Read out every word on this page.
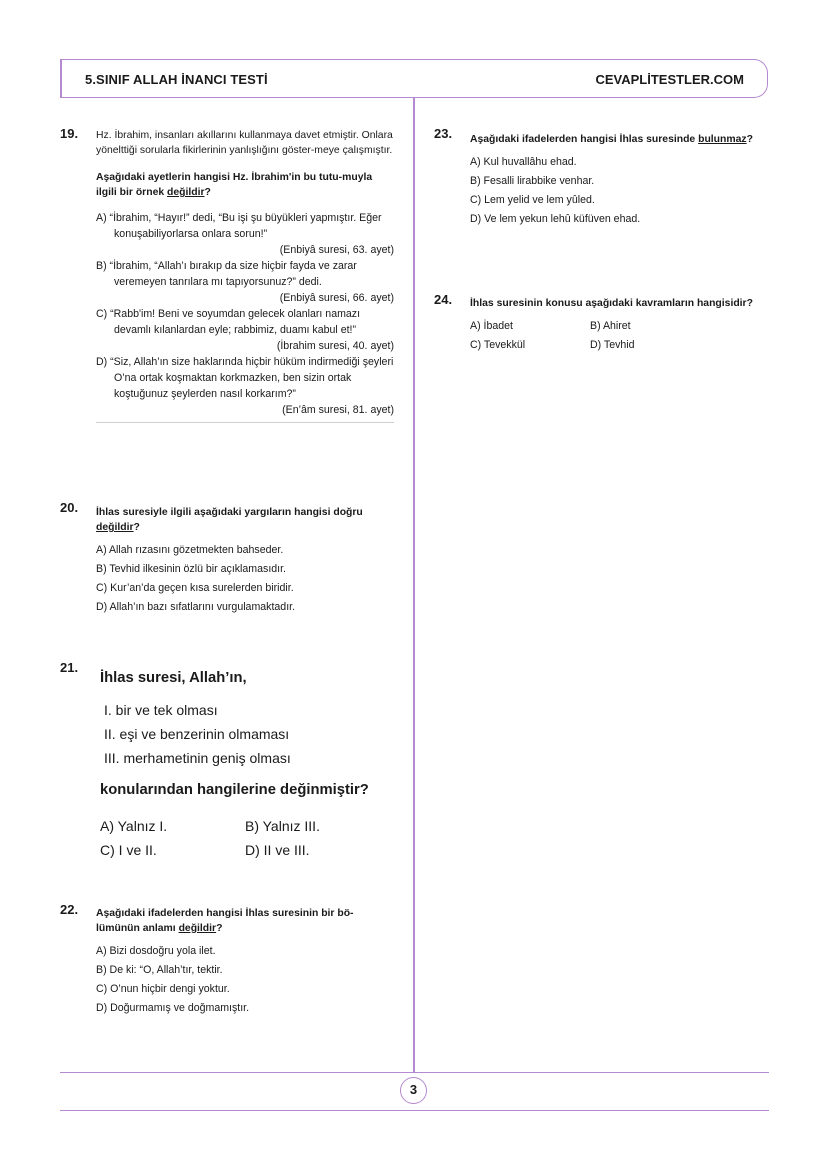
5.SINIF ALLAH İNANCI TESTİ	CEVAPLİTESTLER.COM
3
19. Hz. İbrahim, insanları akıllarını kullanmaya davet etmiştir. Onlara yönelttiği sorularla fikirlerinin yanlışlığını göster-meye çalışmıştır.
Aşağıdaki ayetlerin hangisi Hz. İbrahim'in bu tutu-muyla ilgili bir örnek değildir?
A) “İbrahim, “Hayır!” dedi, “Bu işi şu büyükleri yapmıştır. Eğer konuşabiliyorlarsa onlara sorun!”
(Enbiyâ suresi, 63. ayet)
B) “İbrahim, “Allah’ı bırakıp da size hiçbir fayda ve zarar veremeyen tanrılara mı tapıyorsunuz?” dedi.
(Enbiyâ suresi, 66. ayet)
C) “Rabb'im! Beni ve soyumdan gelecek olanları namazı devamlı kılanlardan eyle; rabbimiz, duamı kabul et!”
(İbrahim suresi, 40. ayet)
D) “Siz, Allah’ın size haklarında hiçbir hüküm indirmediği şeyleri O’na ortak koşmaktan korkmazken, ben sizin ortak koştuğunuz şeylerden nasıl korkarım?”
(En’âm suresi, 81. ayet)
20. İhlas suresiyle ilgili aşağıdaki yargıların hangisi doğru değildir?
A) Allah rızasını gözetmekten bahseder.
B) Tevhid ilkesinin özlü bir açıklamasıdır.
C) Kur’an’da geçen kısa surelerden biridir.
D) Allah’ın bazı sıfatlarını vurgulamaktadır.
21.
İhlas suresi, Allah’ın,
I. bir ve tek olması
II. eşi ve benzerinin olmaması
III. merhametinin geniş olması
konularından hangilerine değinmiştir?
A) Yalnız I.	B) Yalnız III.
C) I ve II.	D) II ve III.
22. Aşağıdaki ifadelerden hangisi İhlas suresinin bir bö-lümünün anlamı değildir?
A) Bizi dosdoğru yola ilet.
B) De ki: “O, Allah’tır, tektir.
C) O’nun hiçbir dengi yoktur.
D) Doğurmamış ve doğmamıştır.
23. Aşağıdaki ifadelerden hangisi İhlas suresinde bulunmaz?
A) Kul huvallâhu ehad.
B) Fesalli lirabbike venhar.
C) Lem yelid ve lem yûled.
D) Ve lem yekun lehû küfüven ehad.
24. İhlas suresinin konusu aşağıdaki kavramların hangisidir?
A) İbadet	B) Ahiret
C) Tevekkül	D) Tevhid
